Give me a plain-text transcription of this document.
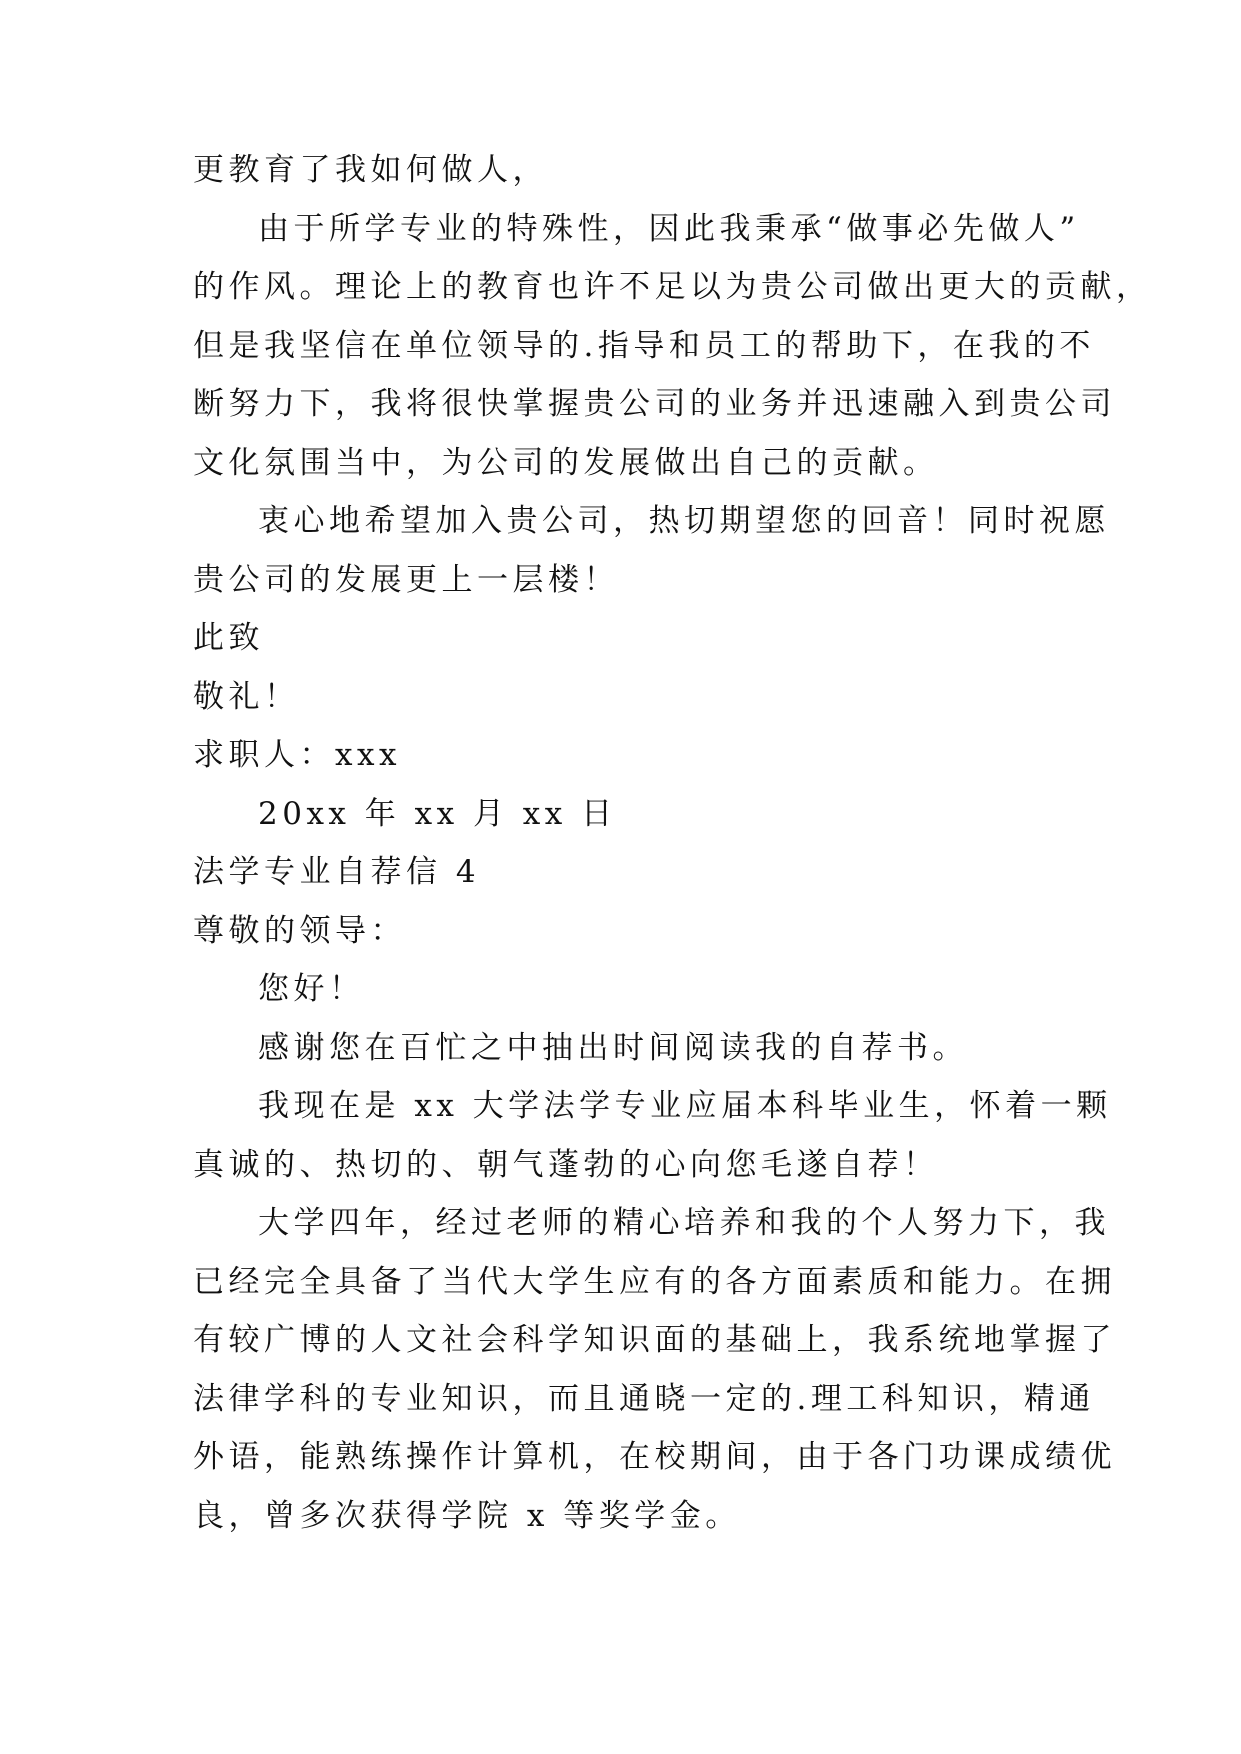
更教育了我如何做人，
由于所学专业的特殊性，因此我秉承“做事必先做人”
的作风。理论上的教育也许不足以为贵公司做出更大的贡献，
但是我坚信在单位领导的.指导和员工的帮助下，在我的不
断努力下，我将很快掌握贵公司的业务并迅速融入到贵公司
文化氛围当中，为公司的发展做出自己的贡献。
衷心地希望加入贵公司，热切期望您的回音！同时祝愿
贵公司的发展更上一层楼！
此致
敬礼！
求职人：xxx
20xx 年 xx 月 xx 日
法学专业自荐信 4
尊敬的领导：
您好！
感谢您在百忙之中抽出时间阅读我的自荐书。
我现在是 xx 大学法学专业应届本科毕业生，怀着一颗
真诚的、热切的、朝气蓬勃的心向您毛遂自荐！
大学四年，经过老师的精心培养和我的个人努力下，我
已经完全具备了当代大学生应有的各方面素质和能力。在拥
有较广博的人文社会科学知识面的基础上，我系统地掌握了
法律学科的专业知识，而且通晓一定的.理工科知识，精通
外语，能熟练操作计算机，在校期间，由于各门功课成绩优
良，曾多次获得学院 x 等奖学金。
